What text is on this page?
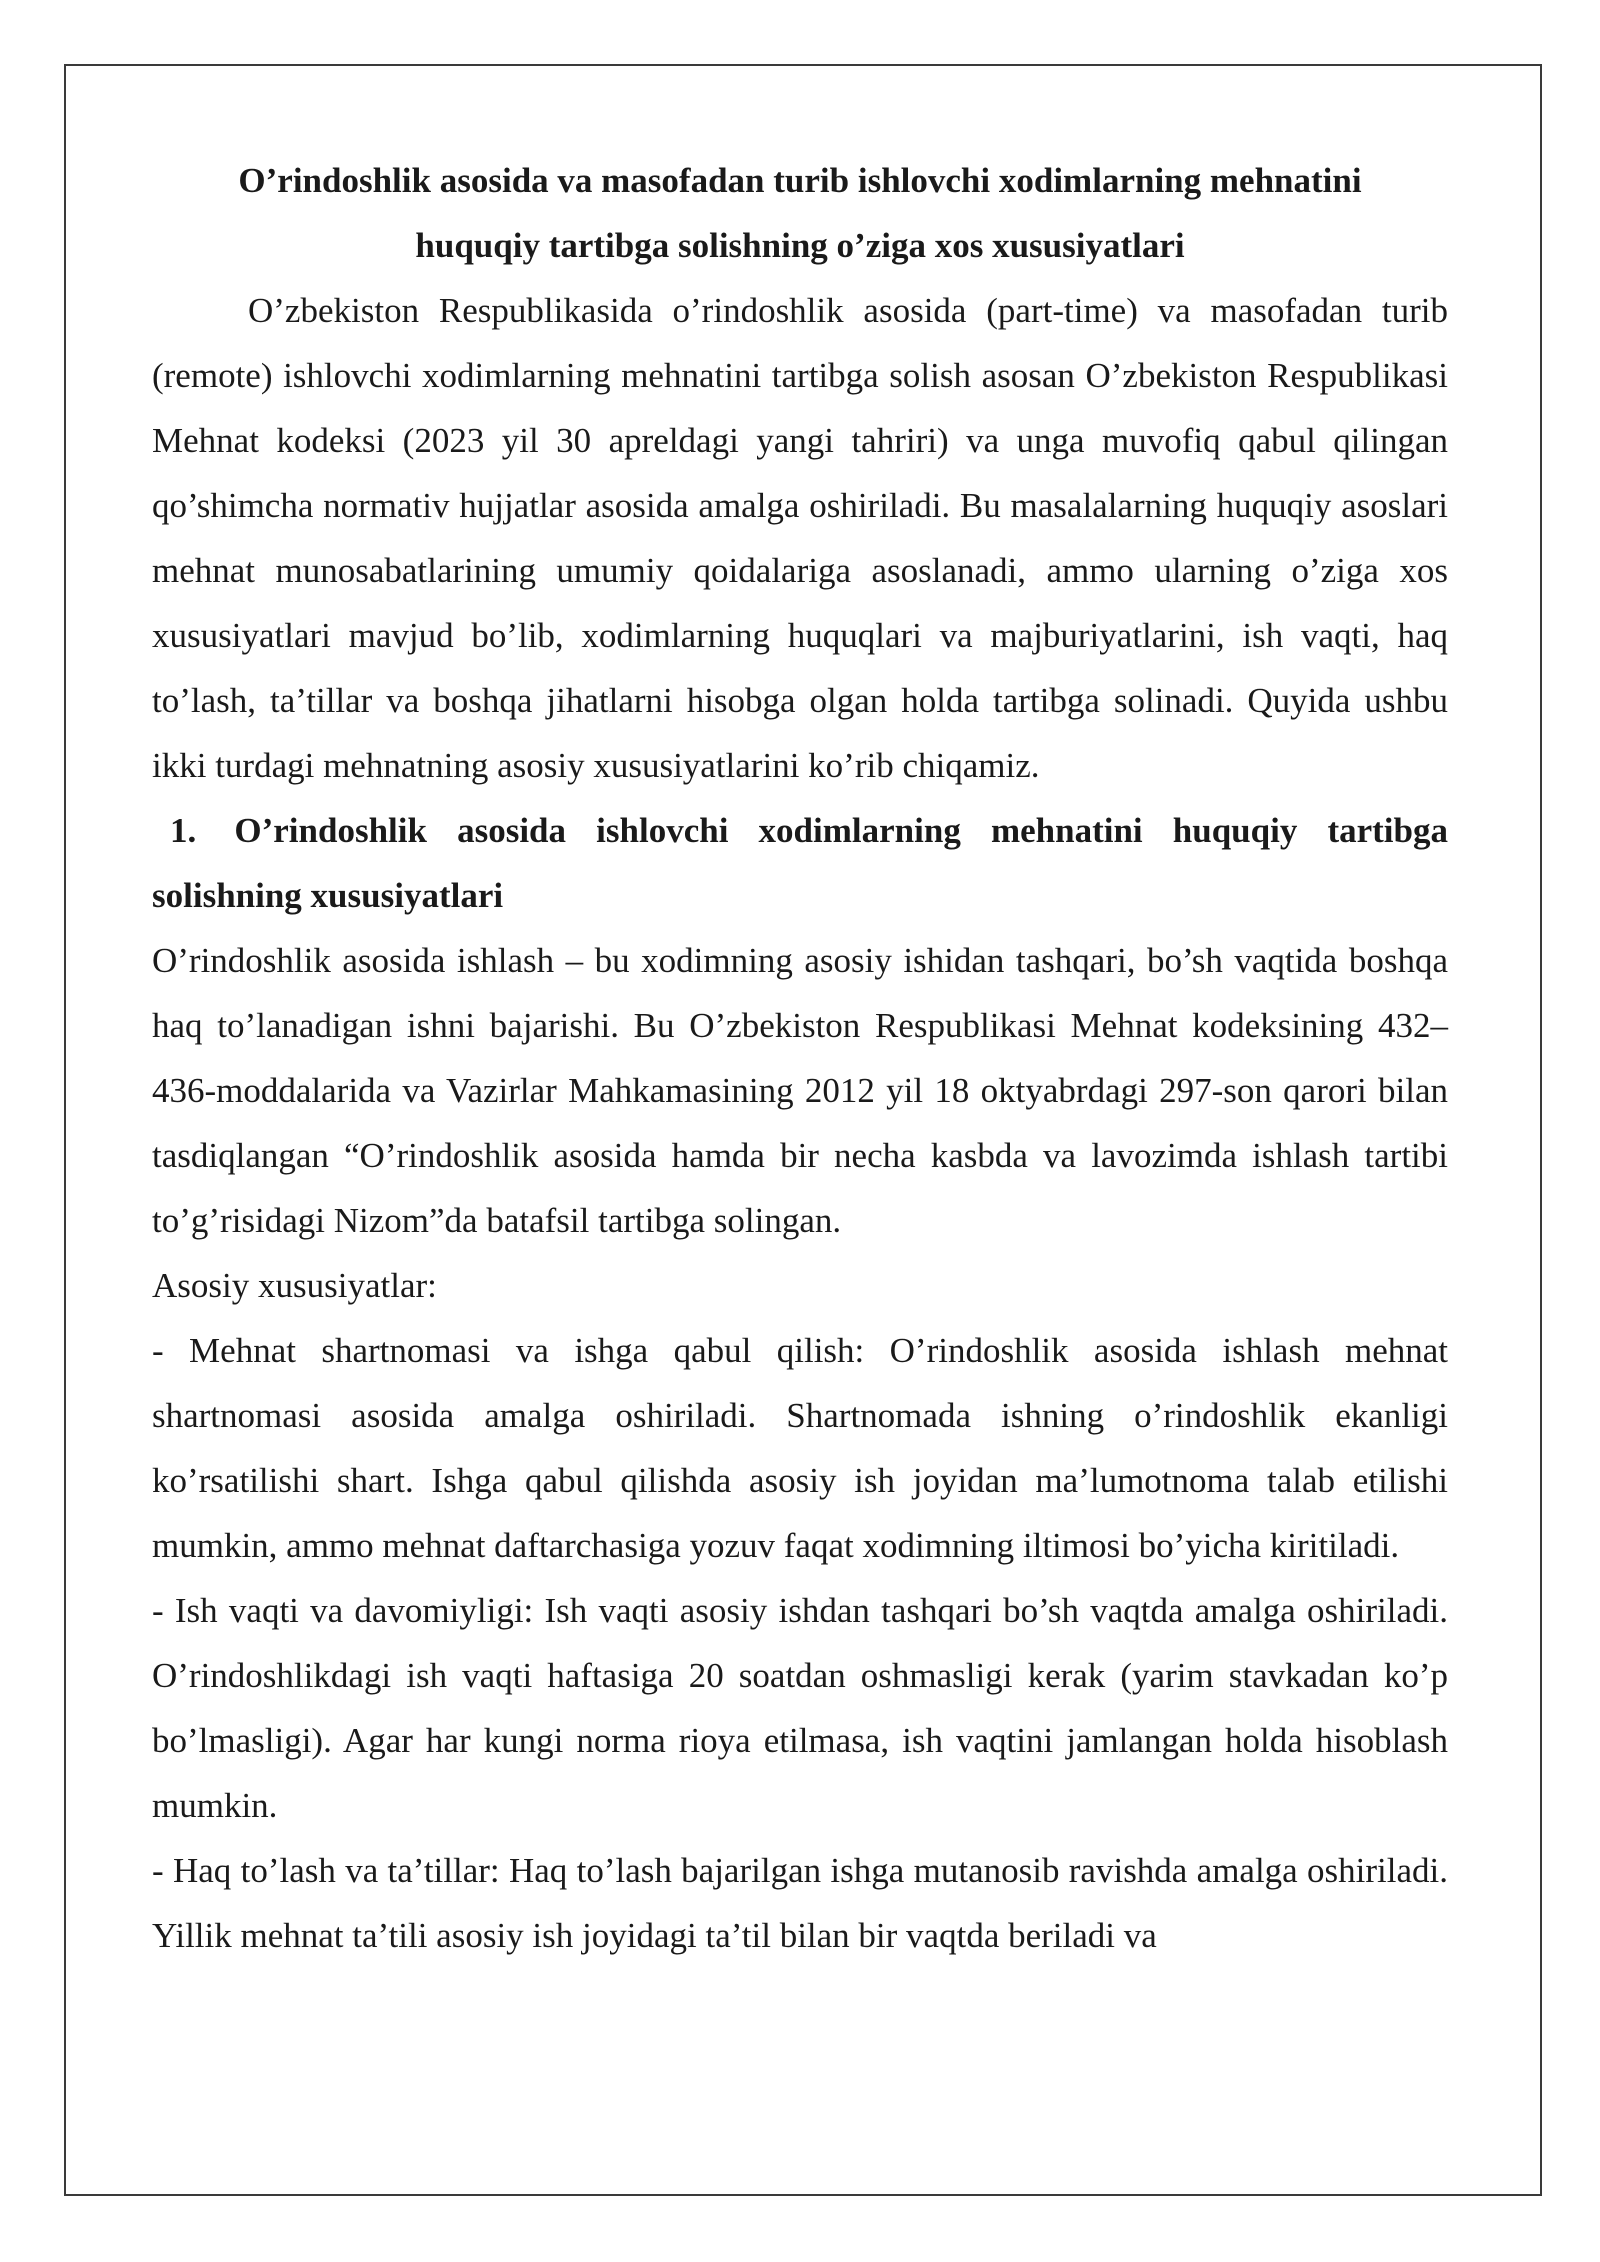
O’rindoshlik asosida va masofadan turib ishlovchi xodimlarning mehnatini huquqiy tartibga solishning o’ziga xos xususiyatlari

O’zbekiston Respublikasida o’rindoshlik asosida (part-time) va masofadan turib (remote) ishlovchi xodimlarning mehnatini tartibga solish asosan O’zbekiston Respublikasi Mehnat kodeksi (2023 yil 30 apreldagi yangi tahriri) va unga muvofiq qabul qilingan qo’shimcha normativ hujjatlar asosida amalga oshiriladi. Bu masalalarning huquqiy asoslari mehnat munosabatlarining umumiy qoidalariga asoslanadi, ammo ularning o’ziga xos xususiyatlari mavjud bo’lib, xodimlarning huquqlari va majburiyatlarini, ish vaqti, haq to’lash, ta’tillar va boshqa jihatlarni hisobga olgan holda tartibga solinadi. Quyida ushbu ikki turdagi mehnatning asosiy xususiyatlarini ko’rib chiqamiz.

1. O’rindoshlik asosida ishlovchi xodimlarning mehnatini huquqiy tartibga solishning xususiyatlari

O’rindoshlik asosida ishlash – bu xodimning asosiy ishidan tashqari, bo’sh vaqtida boshqa haq to’lanadigan ishni bajarishi. Bu O’zbekiston Respublikasi Mehnat kodeksining 432–436-moddalarida va Vazirlar Mahkamasining 2012 yil 18 oktyabrdagi 297-son qarori bilan tasdiqlangan “O’rindoshlik asosida hamda bir necha kasbda va lavozimda ishlash tartibi to’g’risidagi Nizom”da batafsil tartibga solingan.

Asosiy xususiyatlar:

- Mehnat shartnomasi va ishga qabul qilish: O’rindoshlik asosida ishlash mehnat shartnomasi asosida amalga oshiriladi. Shartnomada ishning o’rindoshlik ekanligi ko’rsatilishi shart. Ishga qabul qilishda asosiy ish joyidan ma’lumotnoma talab etilishi mumkin, ammo mehnat daftarchasiga yozuv faqat xodimning iltimosi bo’yicha kiritiladi.

- Ish vaqti va davomiyligi: Ish vaqti asosiy ishdan tashqari bo’sh vaqtda amalga oshiriladi. O’rindoshlikdagi ish vaqti haftasiga 20 soatdan oshmasligi kerak (yarim stavkadan ko’p bo’lmasligi). Agar har kungi norma rioya etilmasa, ish vaqtini jamlangan holda hisoblash mumkin.

- Haq to’lash va ta’tillar: Haq to’lash bajarilgan ishga mutanosib ravishda amalga oshiriladi. Yillik mehnat ta’tili asosiy ish joyidagi ta’til bilan bir vaqtda beriladi va
